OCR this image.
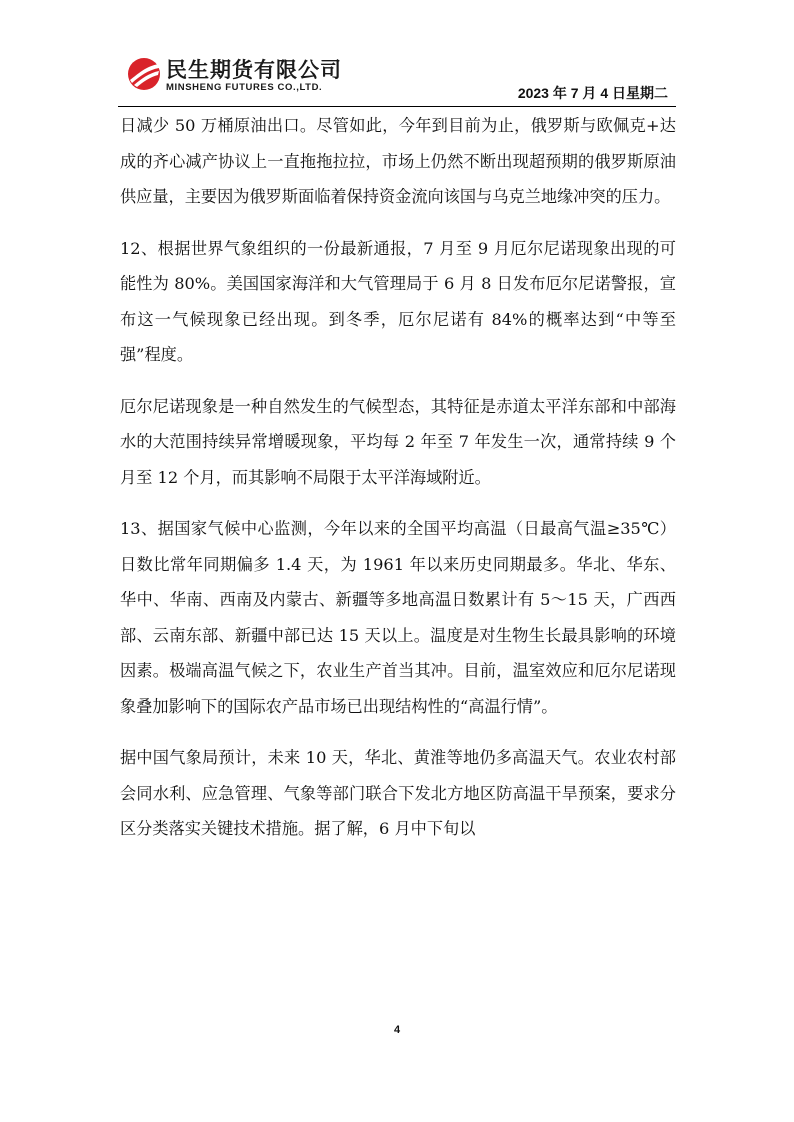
民生期货有限公司
MINSHENG FUTURES CO.,LTD.	2023 年 7 月 4 日星期二

日减少 50 万桶原油出口。尽管如此，今年到目前为止，俄罗斯与欧佩克+达成的齐心减产协议上一直拖拖拉拉，市场上仍然不断出现超预期的俄罗斯原油供应量，主要因为俄罗斯面临着保持资金流向该国与乌克兰地缘冲突的压力。

12、根据世界气象组织的一份最新通报，7 月至 9 月厄尔尼诺现象出现的可能性为 80%。美国国家海洋和大气管理局于 6 月 8 日发布厄尔尼诺警报，宣布这一气候现象已经出现。到冬季，厄尔尼诺有 84%的概率达到“中等至强”程度。

厄尔尼诺现象是一种自然发生的气候型态，其特征是赤道太平洋东部和中部海水的大范围持续异常增暖现象，平均每 2 年至 7 年发生一次，通常持续 9 个月至 12 个月，而其影响不局限于太平洋海域附近。

13、据国家气候中心监测，今年以来的全国平均高温（日最高气温≥35℃）日数比常年同期偏多 1.4 天，为 1961 年以来历史同期最多。华北、华东、华中、华南、西南及内蒙古、新疆等多地高温日数累计有 5～15 天，广西西部、云南东部、新疆中部已达 15 天以上。温度是对生物生长最具影响的环境因素。极端高温气候之下，农业生产首当其冲。目前，温室效应和厄尔尼诺现象叠加影响下的国际农产品市场已出现结构性的“高温行情”。

据中国气象局预计，未来 10 天，华北、黄淮等地仍多高温天气。农业农村部会同水利、应急管理、气象等部门联合下发北方地区防高温干旱预案，要求分区分类落实关键技术措施。据了解，6 月中下旬以

4
